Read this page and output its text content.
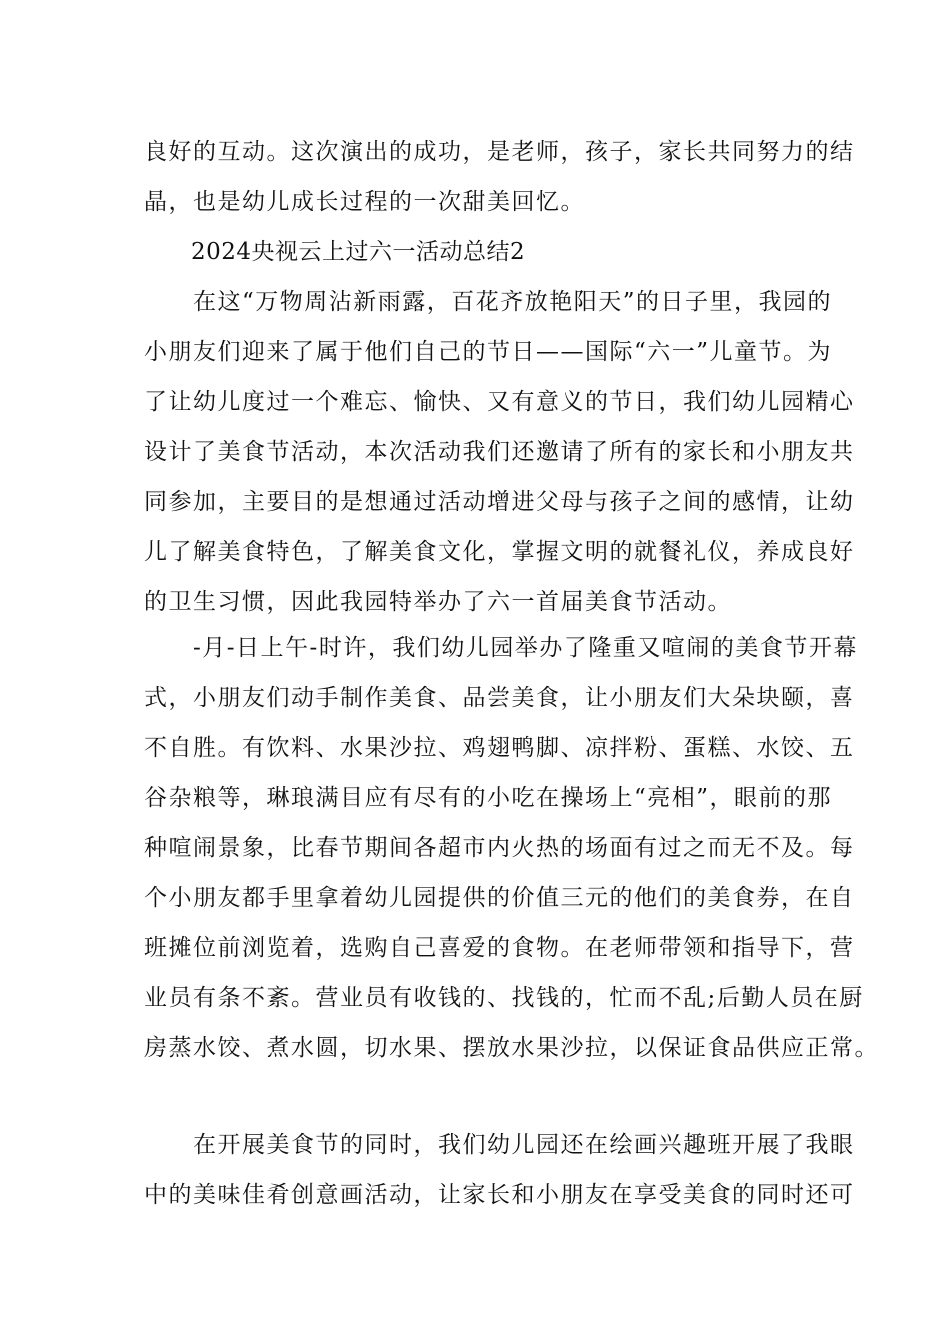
良好的互动。这次演出的成功，是老师，孩子，家长共同努力的结
晶，也是幼儿成长过程的一次甜美回忆。
　　2024央视云上过六一活动总结2
　　在这“万物周沾新雨露，百花齐放艳阳天”的日子里，我园的
小朋友们迎来了属于他们自己的节日——国际“六一”儿童节。为
了让幼儿度过一个难忘、愉快、又有意义的节日，我们幼儿园精心
设计了美食节活动，本次活动我们还邀请了所有的家长和小朋友共
同参加，主要目的是想通过活动增进父母与孩子之间的感情，让幼
儿了解美食特色，了解美食文化，掌握文明的就餐礼仪，养成良好
的卫生习惯，因此我园特举办了六一首届美食节活动。
　　-月-日上午-时许，我们幼儿园举办了隆重又喧闹的美食节开幕
式，小朋友们动手制作美食、品尝美食，让小朋友们大朵块颐，喜
不自胜。有饮料、水果沙拉、鸡翅鸭脚、凉拌粉、蛋糕、水饺、五
谷杂粮等，琳琅满目应有尽有的小吃在操场上“亮相”，眼前的那
种喧闹景象，比春节期间各超市内火热的场面有过之而无不及。每
个小朋友都手里拿着幼儿园提供的价值三元的他们的美食券，在自
班摊位前浏览着，选购自己喜爱的食物。在老师带领和指导下，营
业员有条不紊。营业员有收钱的、找钱的，忙而不乱;后勤人员在厨
房蒸水饺、煮水圆，切水果、摆放水果沙拉，以保证食品供应正常。
　　在开展美食节的同时，我们幼儿园还在绘画兴趣班开展了我眼
中的美味佳肴创意画活动，让家长和小朋友在享受美食的同时还可
